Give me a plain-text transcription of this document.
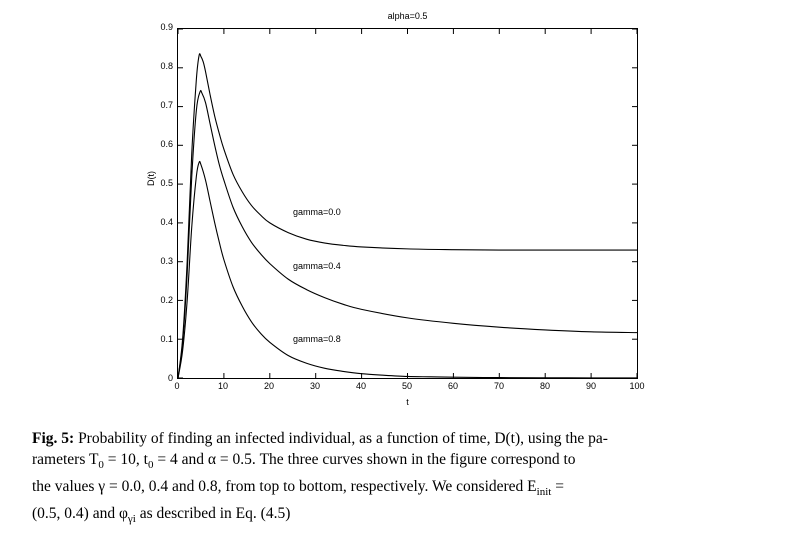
alpha=0.5
D(t)
t
0
0.1
0.2
0.3
0.4
0.5
0.6
0.7
0.8
0.9
0	10	20	30	40	50	60	70	80	90	100
gamma=0.0
gamma=0.4
gamma=0.8
Fig. 5: Probability of finding an infected individual, as a function of time, D(t), using the pa-
rameters $T_0 = 10$, $t_0 = 4$ and α = 0.5. The three curves shown in the figure correspond to
the values γ = 0.0, 0.4 and 0.8, from top to bottom, respectively. We considered $E_{init}$ =
(0.5, 0.4) and $\varphi_{\gamma i}$ as described in Eq. (4.5)
